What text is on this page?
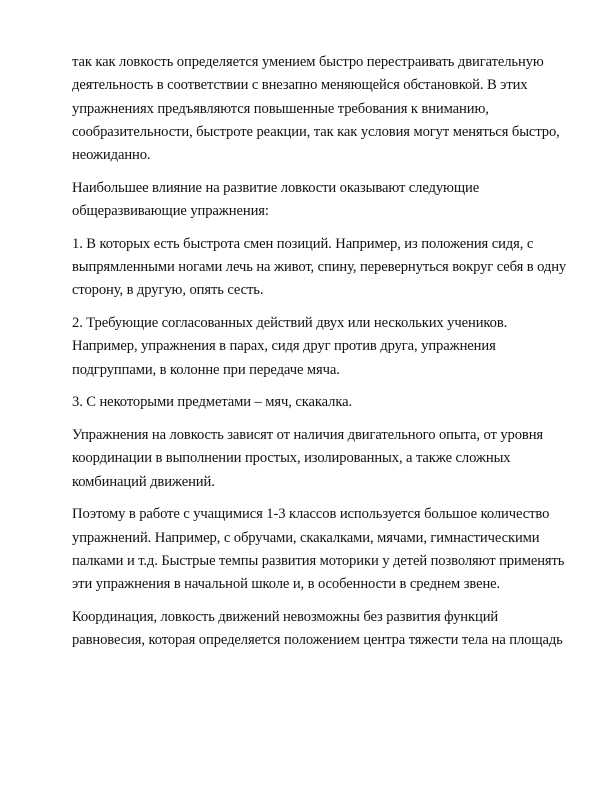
так как ловкость определяется умением быстро перестраивать двигательную
деятельность в соответствии с внезапно меняющейся обстановкой. В этих
упражнениях предъявляются повышенные требования к вниманию,
сообразительности, быстроте реакции, так как условия могут меняться быстро,
неожиданно.

Наибольшее влияние на развитие ловкости оказывают следующие
общеразвивающие упражнения:

1. В которых есть быстрота смен позиций. Например, из положения сидя, с
выпрямленными ногами лечь на живот, спину, перевернуться вокруг себя в одну
сторону, в другую, опять сесть.

2. Требующие согласованных действий двух или нескольких учеников.
Например, упражнения в парах, сидя друг против друга, упражнения
подгруппами, в колонне при передаче мяча.

3. С некоторыми предметами – мяч, скакалка.

Упражнения на ловкость зависят от наличия двигательного опыта, от уровня
координации в выполнении простых, изолированных, а также сложных
комбинаций движений.

Поэтому в работе с учащимися 1-3 классов используется большое количество
упражнений. Например, с обручами, скакалками, мячами, гимнастическими
палками и т.д. Быстрые темпы развития моторики у детей позволяют применять
эти упражнения в начальной школе и, в особенности в среднем звене.

Координация, ловкость движений невозможны без развития функций
равновесия, которая определяется положением центра тяжести тела на площадь
